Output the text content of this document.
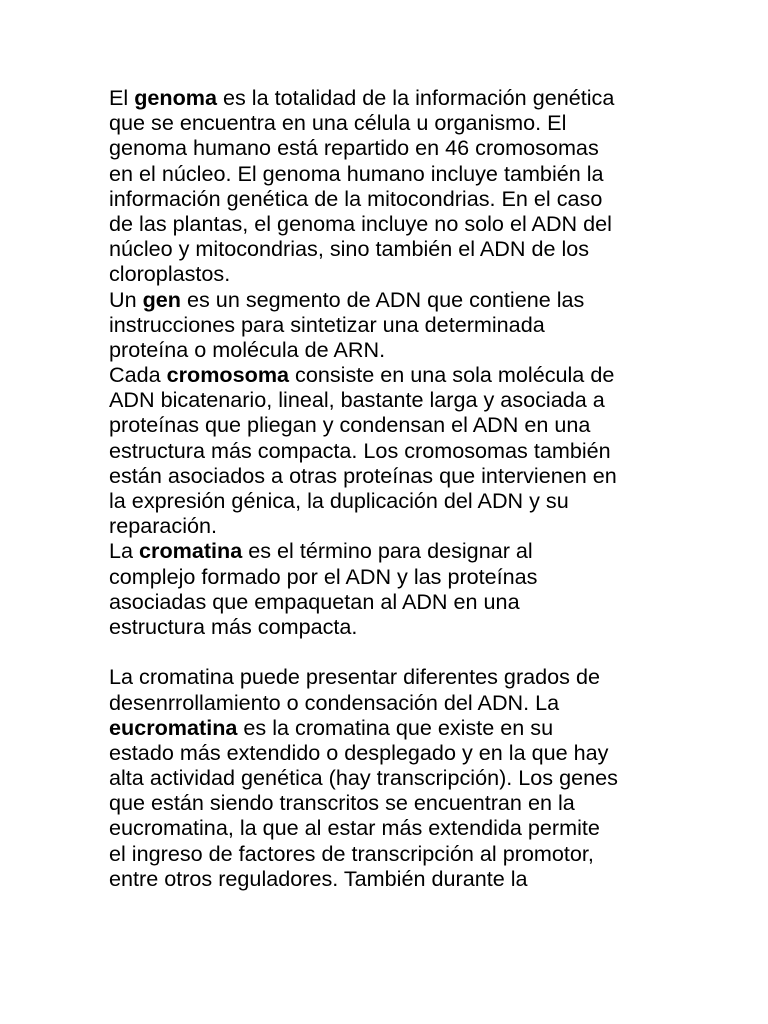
El genoma es la totalidad de la información genética
que se encuentra en una célula u organismo. El
genoma humano está repartido en 46 cromosomas
en el núcleo. El genoma humano incluye también la
información genética de la mitocondrias. En el caso
de las plantas, el genoma incluye no solo el ADN del
núcleo y mitocondrias, sino también el ADN de los
cloroplastos.
Un gen es un segmento de ADN que contiene las
instrucciones para sintetizar una determinada
proteína o molécula de ARN.
Cada cromosoma consiste en una sola molécula de
ADN bicatenario, lineal, bastante larga y asociada a
proteínas que pliegan y condensan el ADN en una
estructura más compacta. Los cromosomas también
están asociados a otras proteínas que intervienen en
la expresión génica, la duplicación del ADN y su
reparación.
La cromatina es el término para designar al
complejo formado por el ADN y las proteínas
asociadas que empaquetan al ADN en una
estructura más compacta.
La cromatina puede presentar diferentes grados de
desenrrollamiento o condensación del ADN. La
eucromatina es la cromatina que existe en su
estado más extendido o desplegado y en la que hay
alta actividad genética (hay transcripción). Los genes
que están siendo transcritos se encuentran en la
eucromatina, la que al estar más extendida permite
el ingreso de factores de transcripción al promotor,
entre otros reguladores. También durante la
